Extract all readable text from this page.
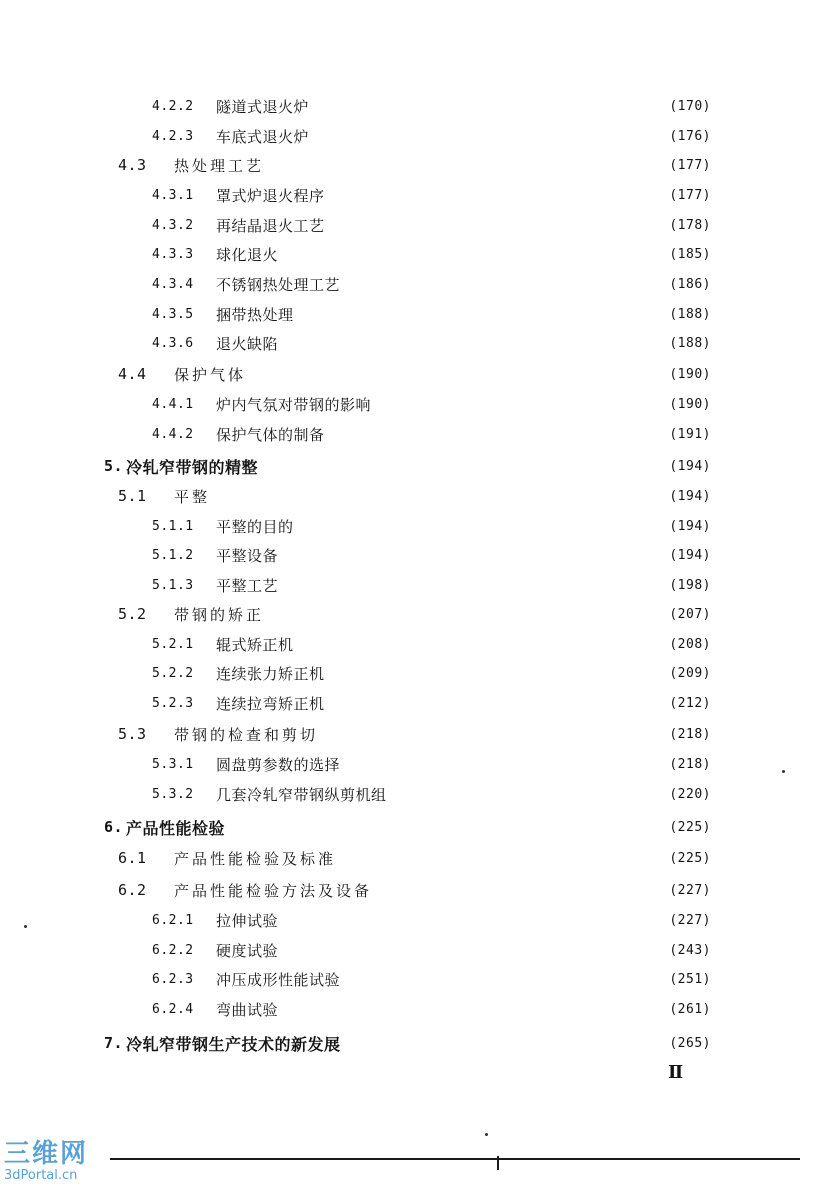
4.2.2	隧道式退火炉	(170)
4.2.3	车底式退火炉	(176)
4.3	热处理工艺	(177)
4.3.1	罩式炉退火程序	(177)
4.3.2	再结晶退火工艺	(178)
4.3.3	球化退火	(185)
4.3.4	不锈钢热处理工艺	(186)
4.3.5	捆带热处理	(188)
4.3.6	退火缺陷	(188)
4.4	保护气体	(190)
4.4.1	炉内气氛对带钢的影响	(190)
4.4.2	保护气体的制备	(191)
5. 冷轧窄带钢的精整	(194)
5.1	平整	(194)
5.1.1	平整的目的	(194)
5.1.2	平整设备	(194)
5.1.3	平整工艺	(198)
5.2	带钢的矫正	(207)
5.2.1	辊式矫正机	(208)
5.2.2	连续张力矫正机	(209)
5.2.3	连续拉弯矫正机	(212)
5.3	带钢的检查和剪切	(218)
5.3.1	圆盘剪参数的选择	(218)
5.3.2	几套冷轧窄带钢纵剪机组	(220)
6. 产品性能检验	(225)
6.1	产品性能检验及标准	(225)
6.2	产品性能检验方法及设备	(227)
6.2.1	拉伸试验	(227)
6.2.2	硬度试验	(243)
6.2.3	冲压成形性能试验	(251)
6.2.4	弯曲试验	(261)
7. 冷轧窄带钢生产技术的新发展	(265)
Ⅱ
三维网
3dPortal.cn
